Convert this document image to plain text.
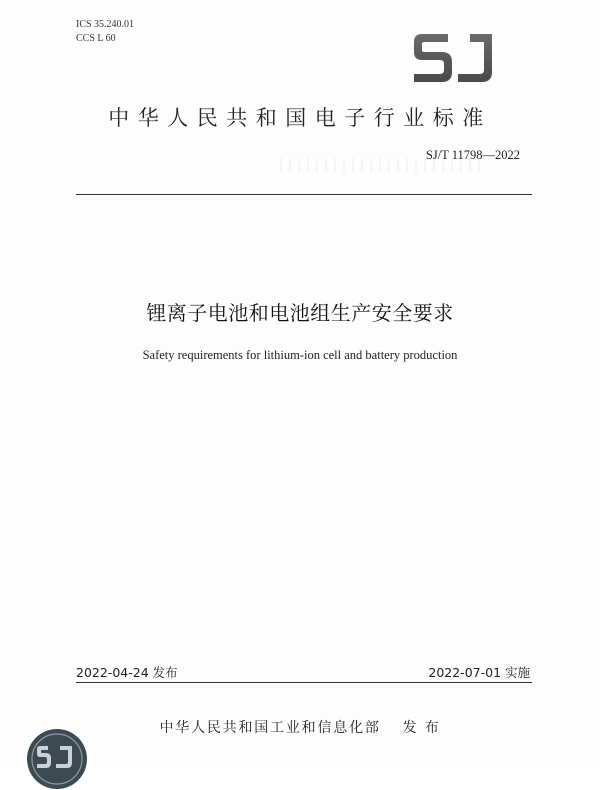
ICS 35.240.01
CCS L 60
中华人民共和国电子行业标准
SJ/T 11798—2022
锂离子电池和电池组生产安全要求
Safety requirements for lithium-ion cell and battery production
2022-04-24 发布	2022-07-01 实施
中华人民共和国工业和信息化部 发 布
